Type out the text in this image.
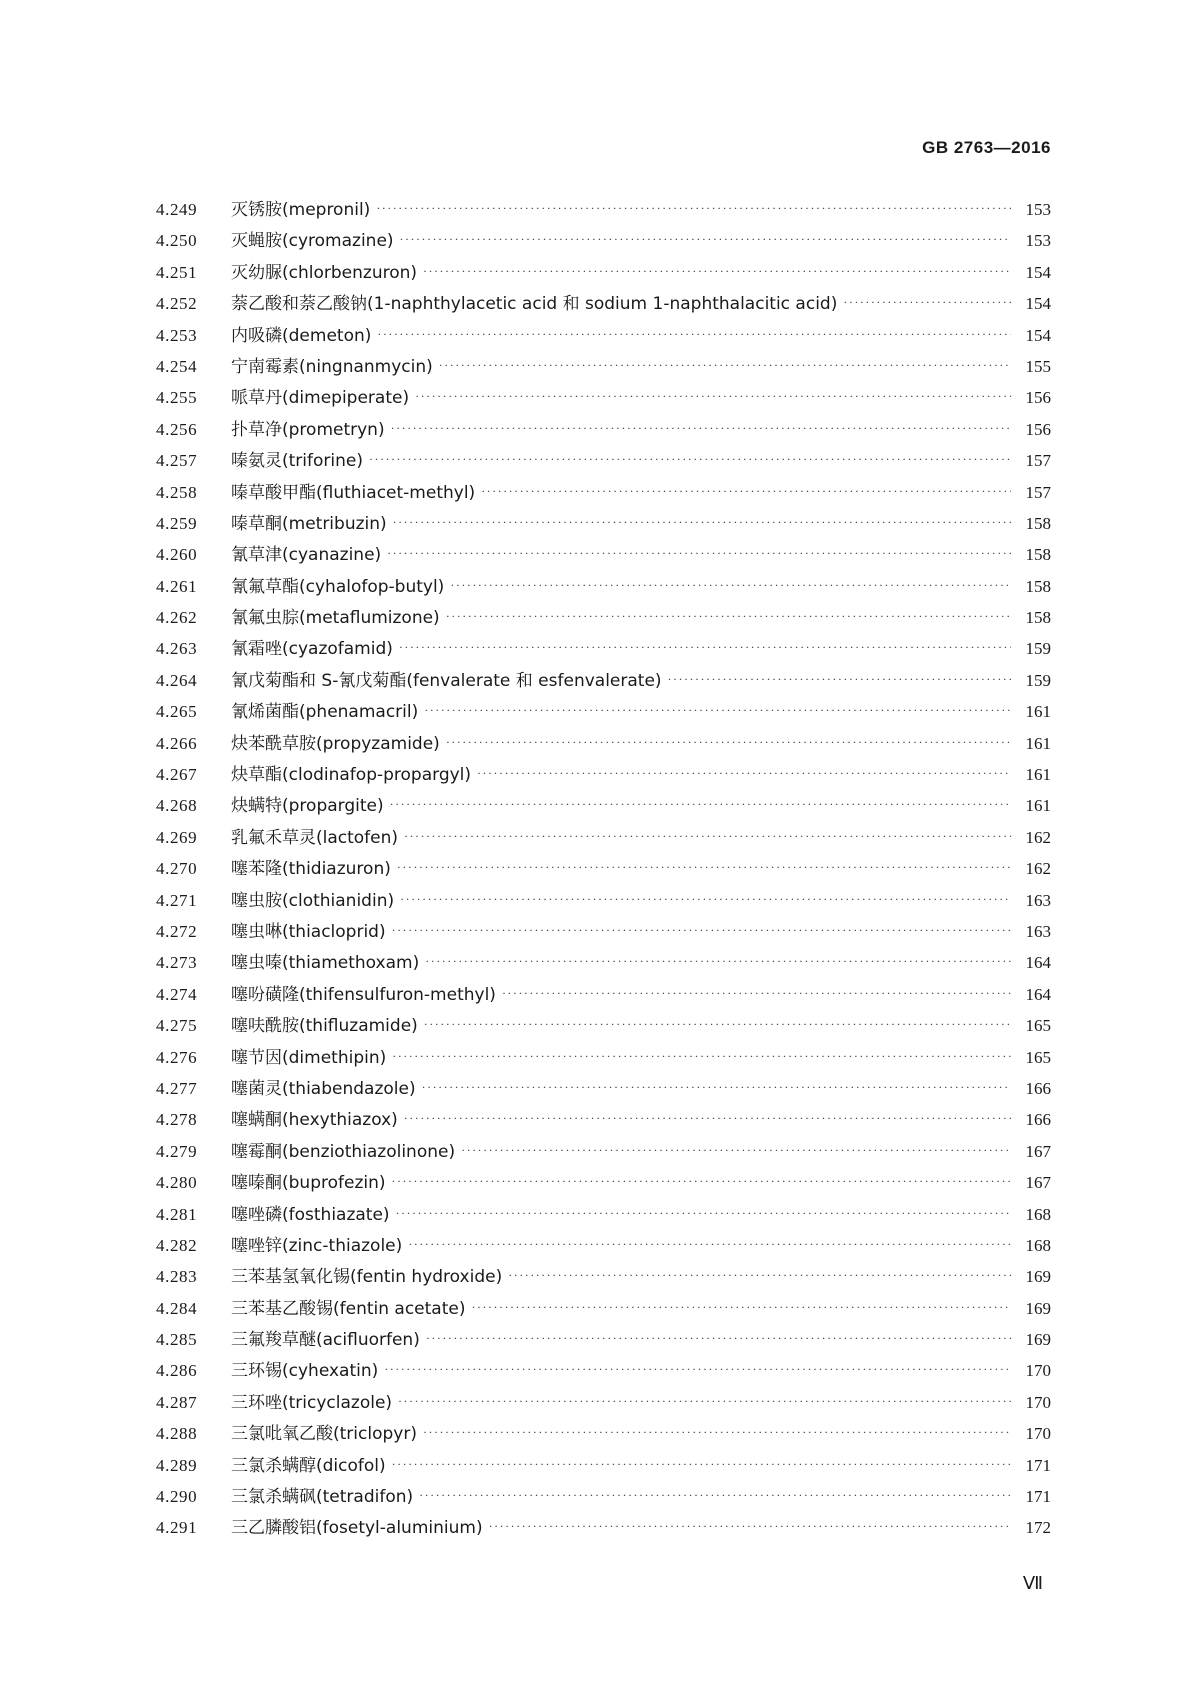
GB 2763—2016
4.249	灭锈胺(mepronil) ·····	153
4.250	灭蝇胺(cyromazine) ·····	153
4.251	灭幼脲(chlorbenzuron) ·····	154
4.252	萘乙酸和萘乙酸钠(1-naphthylacetic acid 和 sodium 1-naphthalacitic acid) ·····	154
4.253	内吸磷(demeton) ·····	154
4.254	宁南霉素(ningnanmycin) ·····	155
4.255	哌草丹(dimepiperate) ·····	156
4.256	扑草净(prometryn) ·····	156
4.257	嗪氨灵(triforine) ·····	157
4.258	嗪草酸甲酯(fluthiacet-methyl) ·····	157
4.259	嗪草酮(metribuzin) ·····	158
4.260	氰草津(cyanazine) ·····	158
4.261	氰氟草酯(cyhalofop-butyl) ·····	158
4.262	氰氟虫腙(metaflumizone) ·····	158
4.263	氰霜唑(cyazofamid) ·····	159
4.264	氰戊菊酯和 S-氰戊菊酯(fenvalerate 和 esfenvalerate) ·····	159
4.265	氰烯菌酯(phenamacril) ·····	161
4.266	炔苯酰草胺(propyzamide) ·····	161
4.267	炔草酯(clodinafop-propargyl) ·····	161
4.268	炔螨特(propargite) ·····	161
4.269	乳氟禾草灵(lactofen) ·····	162
4.270	噻苯隆(thidiazuron) ·····	162
4.271	噻虫胺(clothianidin) ·····	163
4.272	噻虫啉(thiacloprid) ·····	163
4.273	噻虫嗪(thiamethoxam) ·····	164
4.274	噻吩磺隆(thifensulfuron-methyl) ·····	164
4.275	噻呋酰胺(thifluzamide) ·····	165
4.276	噻节因(dimethipin) ·····	165
4.277	噻菌灵(thiabendazole) ·····	166
4.278	噻螨酮(hexythiazox) ·····	166
4.279	噻霉酮(benziothiazolinone) ·····	167
4.280	噻嗪酮(buprofezin) ·····	167
4.281	噻唑磷(fosthiazate) ·····	168
4.282	噻唑锌(zinc-thiazole) ·····	168
4.283	三苯基氢氧化锡(fentin hydroxide) ·····	169
4.284	三苯基乙酸锡(fentin acetate) ·····	169
4.285	三氟羧草醚(acifluorfen) ·····	169
4.286	三环锡(cyhexatin) ·····	170
4.287	三环唑(tricyclazole) ·····	170
4.288	三氯吡氧乙酸(triclopyr) ·····	170
4.289	三氯杀螨醇(dicofol) ·····	171
4.290	三氯杀螨砜(tetradifon) ·····	171
4.291	三乙膦酸铝(fosetyl-aluminium) ·····	172
Ⅶ
